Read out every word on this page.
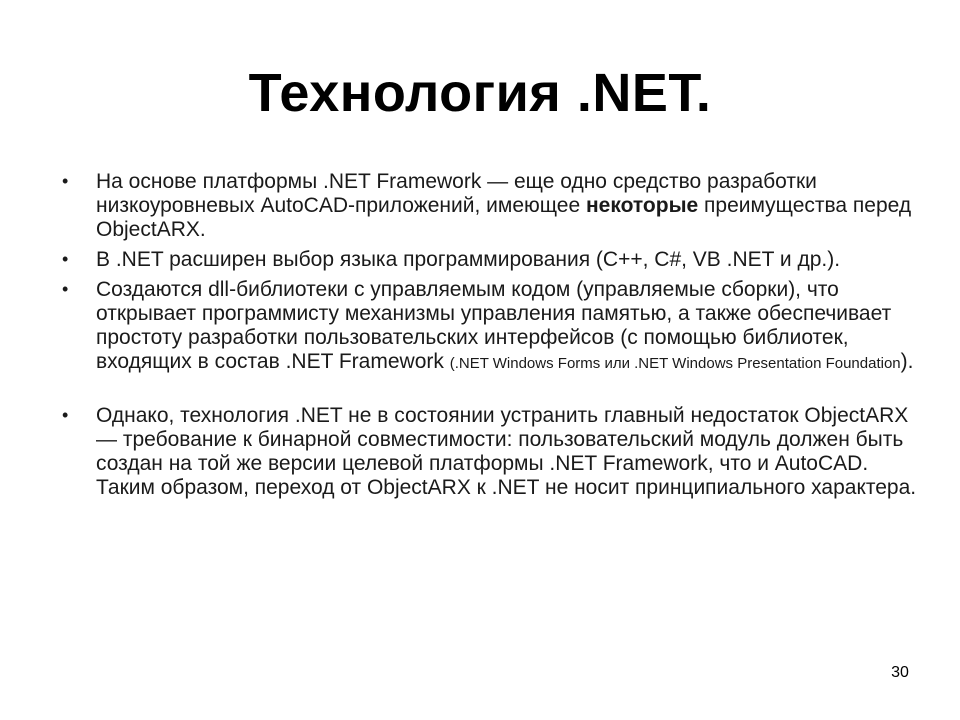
Технология .NET.
• На основе платформы .NET Framework — еще одно средство разработки низкоуровневых AutoCAD-приложений, имеющее некоторые преимущества перед ObjectARX.
• В .NET расширен выбор языка программирования (C++, C#, VB .NET и др.).
• Создаются dll-библиотеки с управляемым кодом (управляемые сборки), что открывает программисту механизмы управления памятью, а также обеспечивает простоту разработки пользовательских интерфейсов (с помощью библиотек, входящих в состав .NET Framework (.NET Windows Forms или .NET Windows Presentation Foundation).
• Однако, технология .NET не в состоянии устранить главный недостаток ObjectARX — требование к бинарной совместимости: пользовательский модуль должен быть создан на той же версии целевой платформы .NET Framework, что и AutoCAD. Таким образом, переход от ObjectARX к .NET не носит принципиального характера.
30
